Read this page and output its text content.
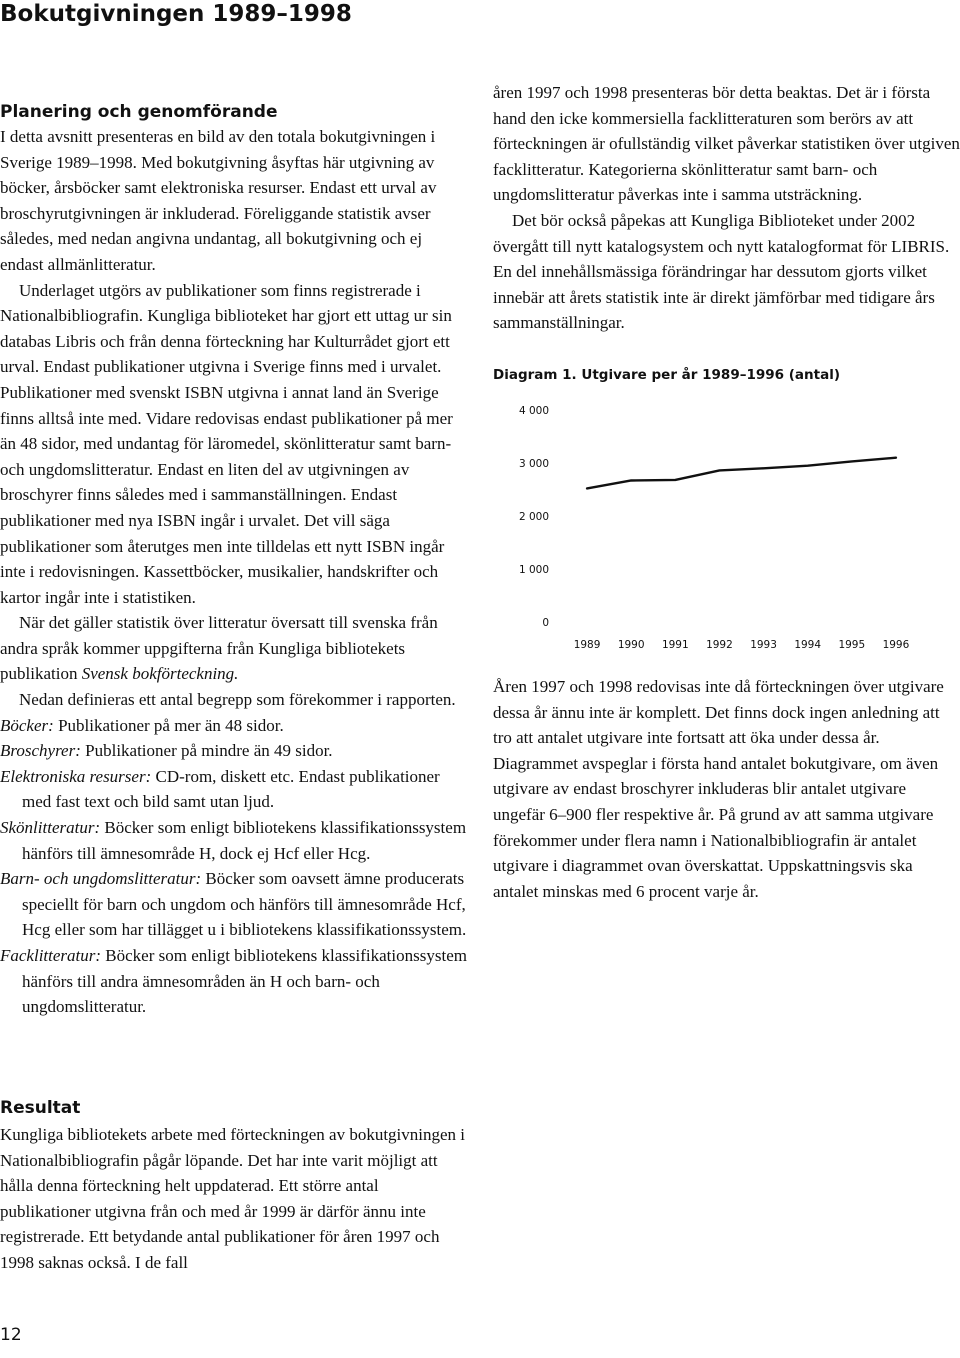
Bokutgivningen 1989–1998
Planering och genomförande

I detta avsnitt presenteras en bild av den totala bokutgivningen i Sverige 1989–1998. Med bokutgivning åsyftas här utgivning av böcker, årsböcker samt elektroniska resurser. Endast ett urval av broschyrutgivningen är inkluderad. Föreliggande statistik avser således, med nedan angivna undantag, all bokutgivning och ej endast allmänlitteratur.

Underlaget utgörs av publikationer som finns registrerade i Nationalbibliografin. Kungliga biblioteket har gjort ett uttag ur sin databas Libris och från denna förteckning har Kulturrådet gjort ett urval. Endast publikationer utgivna i Sverige finns med i urvalet. Publikationer med svenskt ISBN utgivna i annat land än Sverige finns alltså inte med. Vidare redovisas endast publikationer på mer än 48 sidor, med undantag för läromedel, skönlitteratur samt barn- och ungdomslitteratur. Endast en liten del av utgivningen av broschyrer finns således med i sammanställningen. Endast publikationer med nya ISBN ingår i urvalet. Det vill säga publikationer som återutges men inte tilldelas ett nytt ISBN ingår inte i redovisningen. Kassettböcker, musikalier, handskrifter och kartor ingår inte i statistiken.

När det gäller statistik över litteratur översatt till svenska från andra språk kommer uppgifterna från Kungliga bibliotekets publikation Svensk bokförteckning.

Nedan definieras ett antal begrepp som förekommer i rapporten.

Böcker: Publikationer på mer än 48 sidor.

Broschyrer: Publikationer på mindre än 49 sidor.

Elektroniska resurser: CD-rom, diskett etc. Endast publikationer med fast text och bild samt utan ljud.

Skönlitteratur: Böcker som enligt bibliotekens klassifikationssystem hänförs till ämnesområde H, dock ej Hcf eller Hcg.

Barn- och ungdomslitteratur: Böcker som oavsett ämne producerats speciellt för barn och ungdom och hänförs till ämnesområde Hcf, Hcg eller som har tillägget u i bibliotekens klassifikationssystem.

Facklitteratur: Böcker som enligt bibliotekens klassifikationssystem hänförs till andra ämnesområden än H och barn- och ungdomslitteratur.

Resultat

Kungliga bibliotekets arbete med förteckningen av bokutgivningen i Nationalbibliografin pågår löpande. Det har inte varit möjligt att hålla denna förteckning helt uppdaterad. Ett större antal publikationer utgivna från och med år 1999 är därför ännu inte registrerade. Ett betydande antal publikationer för åren 1997 och 1998 saknas också. I de fall

åren 1997 och 1998 presenteras bör detta beaktas. Det är i första hand den icke kommersiella facklitteraturen som berörs av att förteckningen är ofullständig vilket påverkar statistiken över utgiven facklitteratur. Kategorierna skönlitteratur samt barn- och ungdomslitteratur påverkas inte i samma utsträckning.

Det bör också påpekas att Kungliga Biblioteket under 2002 övergått till nytt katalogsystem och nytt katalogformat för LIBRIS. En del innehållsmässiga förändringar har dessutom gjorts vilket innebär att årets statistik inte är direkt jämförbar med tidigare års sammanställningar.

Diagram 1. Utgivare per år 1989–1996 (antal)
0
1 000
2 000
3 000
4 000
1989 1990 1991 1992 1993 1994 1995 1996

Åren 1997 och 1998 redovisas inte då förteckningen över utgivare dessa år ännu inte är komplett. Det finns dock ingen anledning att tro att antalet utgivare inte fortsatt att öka under dessa år. Diagrammet avspeglar i första hand antalet bokutgivare, om även utgivare av endast broschyrer inkluderas blir antalet utgivare ungefär 6–900 fler respektive år. På grund av att samma utgivare förekommer under flera namn i Nationalbibliografin är antalet utgivare i diagrammet ovan överskattat. Uppskattningsvis ska antalet minskas med 6 procent varje år.

12
